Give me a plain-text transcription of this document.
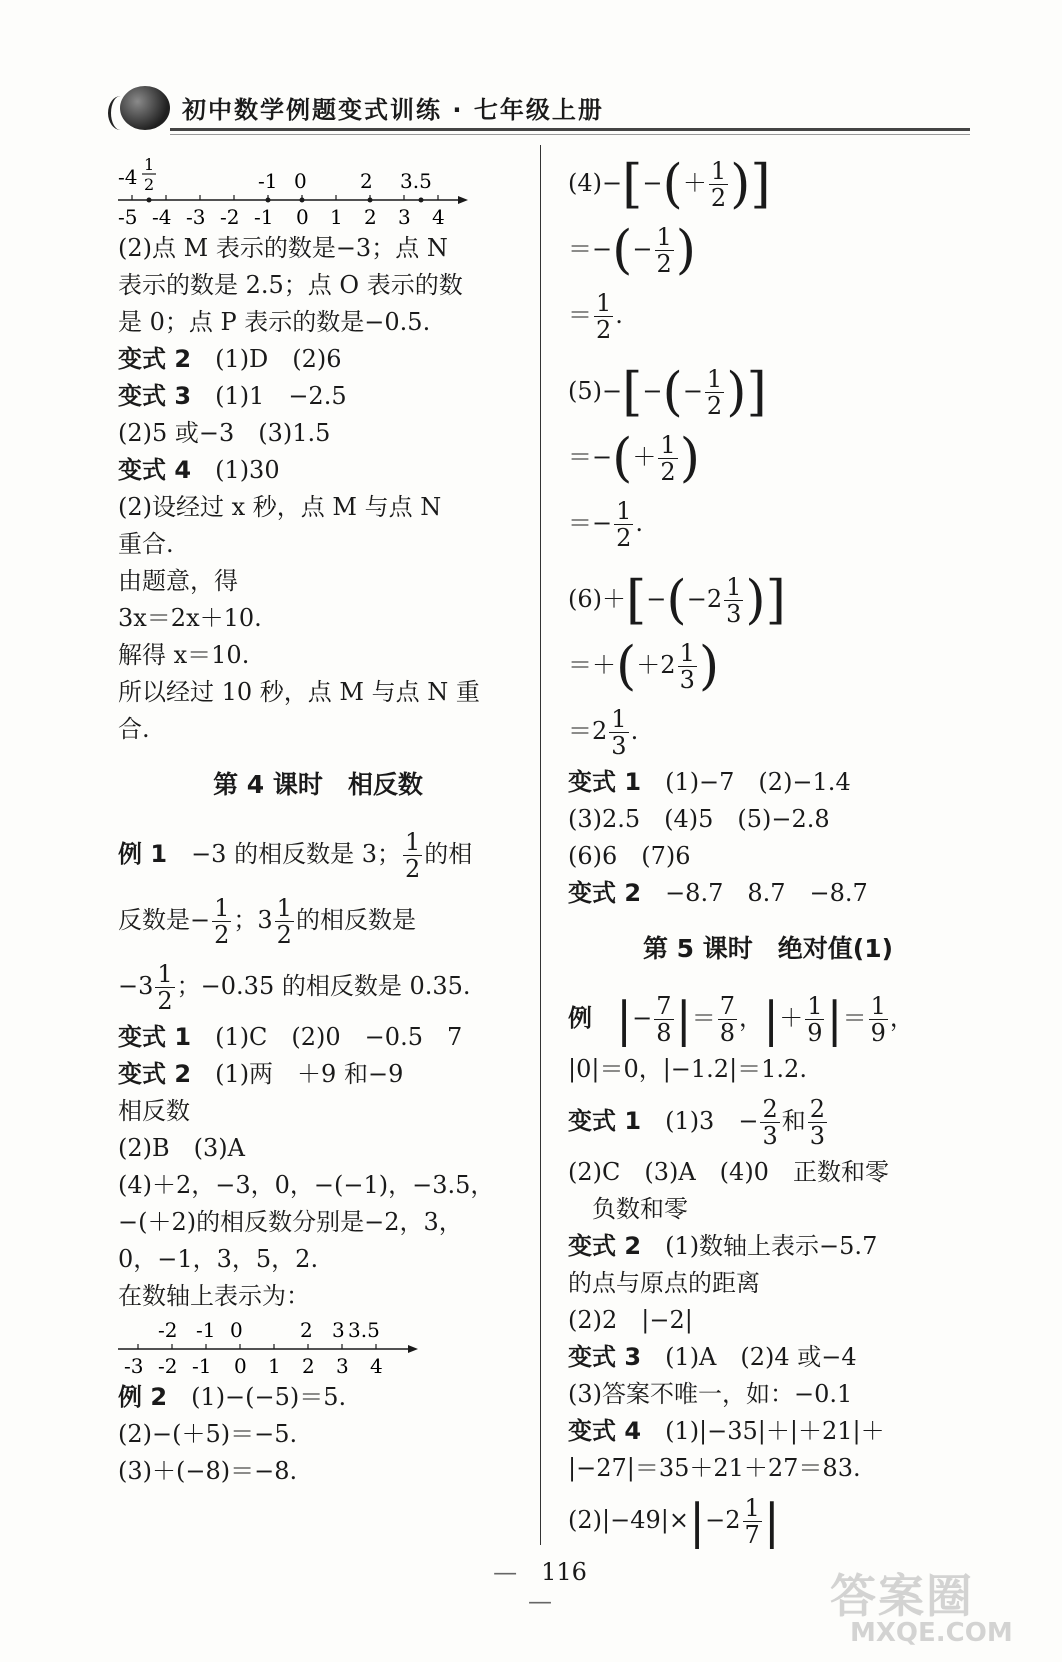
初中数学例题变式训练 · 七年级上册
-4
1
2	-1 0	2 3.5
-5 -4 -3 -2 -1 0 1 2 3 4
(2)点 M 表示的数是−3；点 N
表示的数是 2.5；点 O 表示的数
是 0；点 P 表示的数是−0.5.
变式 2　 (1)D　(2)6
变式 3　 (1)1　−2.5
(2)5 或−3　(3)1.5
变式 4　 (1)30
(2)设经过 x 秒，点 M 与点 N
重合.
由题意，得
3x＝2x＋10.
解得 x＝10.
所以经过 10 秒，点 M 与点 N 重
合.
第 4 课时　相反数
例 1　 −3 的相反数是 3； $\frac{1}{2}$ 的相
反数是− $\frac{1}{2}$ ；$3 \frac{1}{2}$ 的相反数是
$-3 \frac{1}{2}$ ；−0.35 的相反数是 0.35.
变式 1　 (1)C　(2)0　−0.5　7
变式 2　 (1)两　＋9 和−9
相反数
(2)B　(3)A
(4)＋2，−3，0，−(−1)，−3.5，
−(＋2)的相反数分别是−2，3，
0，−1，3，5，2.
在数轴上表示为：
-2 -1 0	2 3 3.5
-3 -2 -1 0 1 2 3 4
例 2　 (1)−(−5)＝5.
(2)−(＋5)＝−5.
(3)＋(−8)＝−8.
$(4)-[-(+ \frac{1}{2}$ )]
＝−(− $\frac{1}{2}$ )
＝ $\frac{1}{2}$ .
$(5)-[-(- \frac{1}{2}$ )]
＝−(＋ $\frac{1}{2}$ )
＝− $\frac{1}{2}$ .
$(6)+[-(-2 \frac{1}{3}$ )]
$=+(+2 \frac{1}{3}$ )
$=2 \frac{1}{3}$ .
变式 1　 (1)−7　(2)−1.4
(3)2.5　(4)5　(5)−2.8
(6)6　(7)6
变式 2　 −8.7　8.7　−8.7
第 5 课时　绝对值(1)
例　 |− $\frac{7}{8}$ |＝ $\frac{7}{8}$ ，|＋ $\frac{1}{9}$ |＝ $\frac{1}{9}$ ，
|0|＝0，|−1.2|＝1.2.
变式 1　 (1)3　− $\frac{2}{3}$ 和 $\frac{2}{3}$
(2)C　(3)A　(4)0　正数和零
负数和零
变式 2　 (1)数轴上表示−5.7
的点与原点的距离
(2)2　|−2|
变式 3　 (1)A　(2)4 或−4
(3)答案不唯一，如：−0.1
变式 4　 (1)|−35|＋|＋21|＋
|−27|＝35＋21＋27＝83.
$(2)|-49|\times|-2 \frac{1}{7}$ |
—　 116　—	答案圈
MXQE.COM
